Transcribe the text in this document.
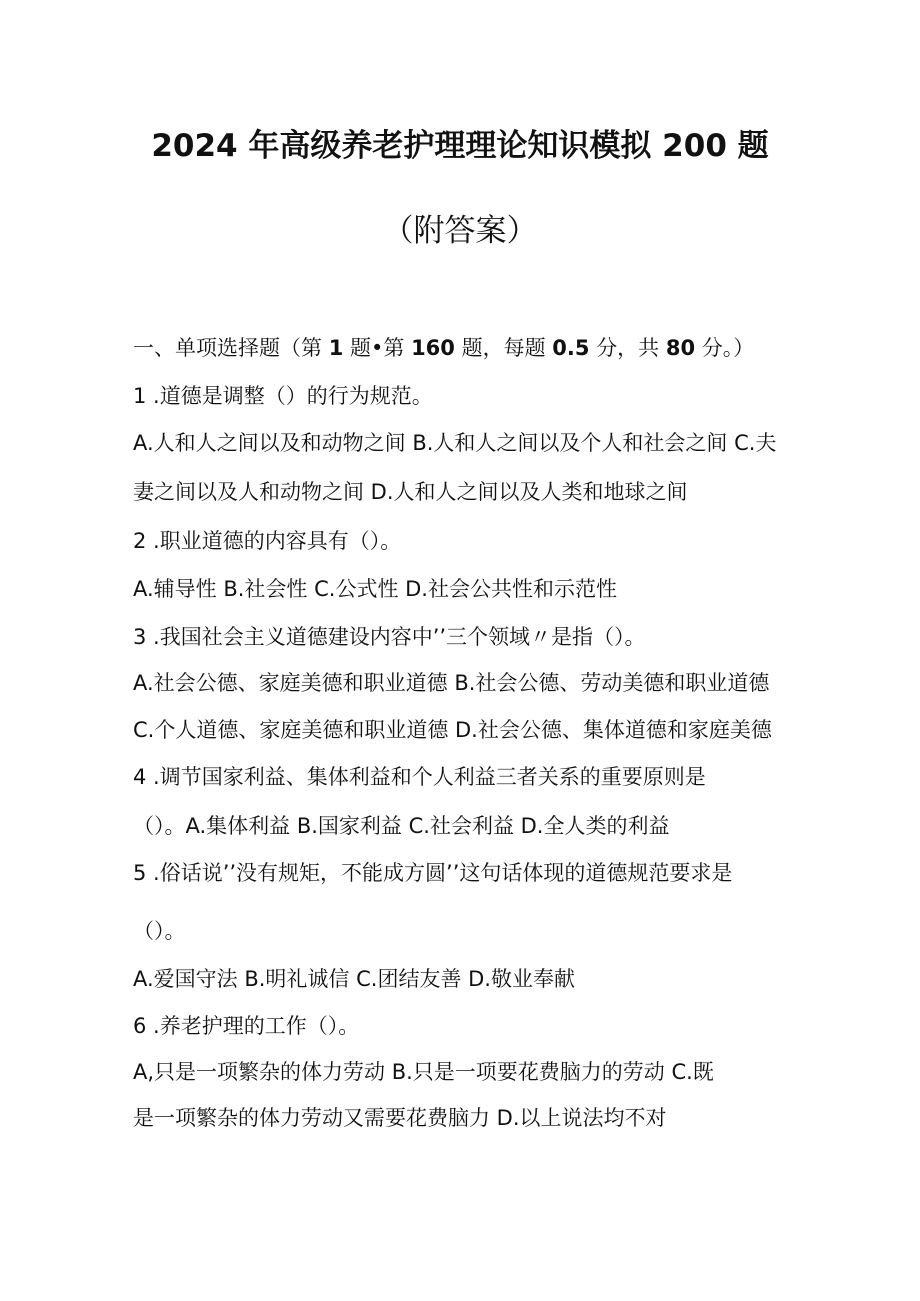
2024 年高级养老护理理论知识模拟 200 题
（附答案）
一、单项选择题（第 1 题•第 160 题，每题 0.5 分，共 80 分。）
1 .道德是调整（）的行为规范。
A.人和人之间以及和动物之间 B.人和人之间以及个人和社会之间 C.夫
妻之间以及人和动物之间 D.人和人之间以及人类和地球之间
2 .职业道德的内容具有（）。
A.辅导性 B.社会性 C.公式性 D.社会公共性和示范性
3 .我国社会主义道德建设内容中’’三个领域〃是指（）。
A.社会公德、家庭美德和职业道德 B.社会公德、劳动美德和职业道德
C.个人道德、家庭美德和职业道德 D.社会公德、集体道德和家庭美德
4 .调节国家利益、集体利益和个人利益三者关系的重要原则是
（）。A.集体利益 B.国家利益 C.社会利益 D.全人类的利益
5 .俗话说’’没有规矩，不能成方圆’’这句话体现的道德规范要求是
（）。
A.爱国守法 B.明礼诚信 C.团结友善 D.敬业奉献
6 .养老护理的工作（）。
A,只是一项繁杂的体力劳动 B.只是一项要花费脑力的劳动 C.既
是一项繁杂的体力劳动又需要花费脑力 D.以上说法均不对
